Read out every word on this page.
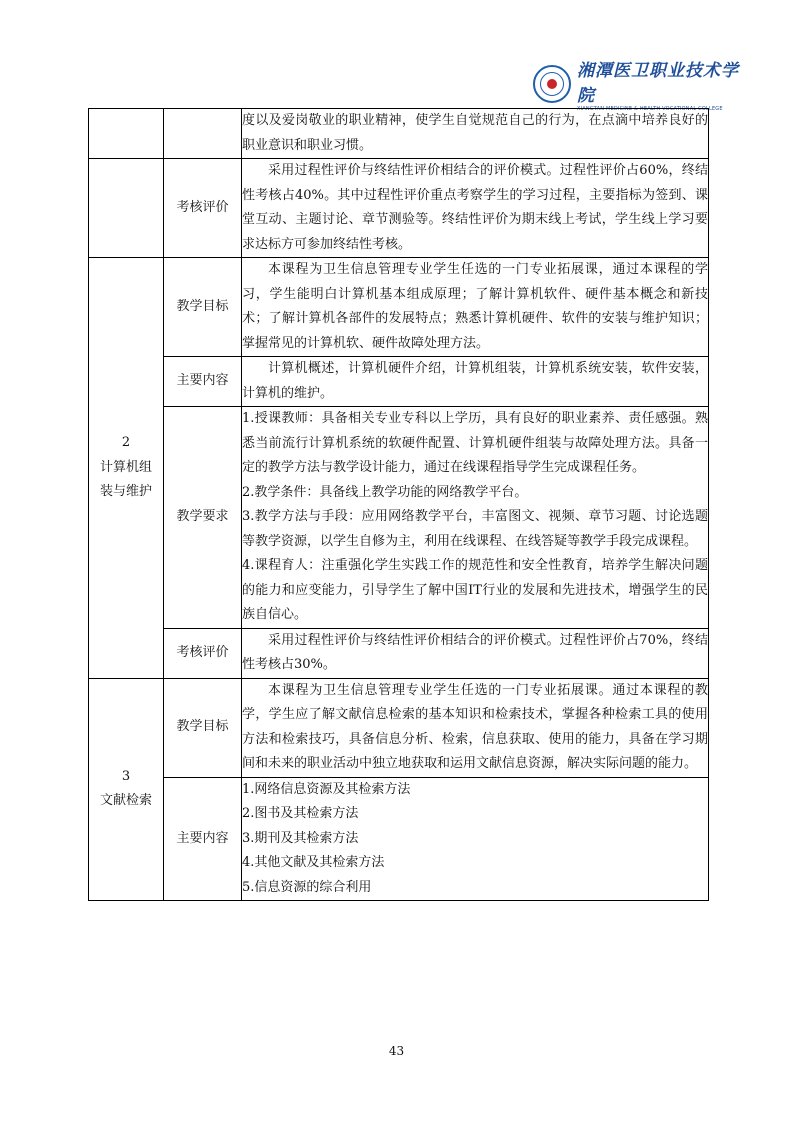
湘潭医卫职业技术学院
XIANGTAN MEDICINE & HEALTH VOCATIONAL COLLEGE

		度以及爱岗敬业的职业精神，使学生自觉规范自己的行为，在点滴中培养良好的职业意识和职业习惯。

	考核评价	采用过程性评价与终结性评价相结合的评价模式。过程性评价占60%，终结性考核占40%。其中过程性评价重点考察学生的学习过程，主要指标为签到、课堂互动、主题讨论、章节测验等。终结性评价为期末线上考试，学生线上学习要求达标方可参加终结性考核。

2
计算机组装与维护	教学目标	本课程为卫生信息管理专业学生任选的一门专业拓展课，通过本课程的学习，学生能明白计算机基本组成原理；了解计算机软件、硬件基本概念和新技术；了解计算机各部件的发展特点；熟悉计算机硬件、软件的安装与维护知识；掌握常见的计算机软、硬件故障处理方法。

	主要内容	计算机概述，计算机硬件介绍，计算机组装，计算机系统安装，软件安装，计算机的维护。

	教学要求	1.授课教师：具备相关专业专科以上学历，具有良好的职业素养、责任感强。熟悉当前流行计算机系统的软硬件配置、计算机硬件组装与故障处理方法。具备一定的教学方法与教学设计能力，通过在线课程指导学生完成课程任务。
2.教学条件：具备线上教学功能的网络教学平台。
3.教学方法与手段：应用网络教学平台，丰富图文、视频、章节习题、讨论选题等教学资源，以学生自修为主，利用在线课程、在线答疑等教学手段完成课程。
4.课程育人：注重强化学生实践工作的规范性和安全性教育，培养学生解决问题的能力和应变能力，引导学生了解中国IT行业的发展和先进技术，增强学生的民族自信心。

	考核评价	采用过程性评价与终结性评价相结合的评价模式。过程性评价占70%，终结性考核占30%。

3
文献检索	教学目标	本课程为卫生信息管理专业学生任选的一门专业拓展课。通过本课程的教学，学生应了解文献信息检索的基本知识和检索技术，掌握各种检索工具的使用方法和检索技巧，具备信息分析、检索，信息获取、使用的能力，具备在学习期间和未来的职业活动中独立地获取和运用文献信息资源，解决实际问题的能力。

	主要内容	1.网络信息资源及其检索方法
2.图书及其检索方法
3.期刊及其检索方法
4.其他文献及其检索方法
5.信息资源的综合利用
43
